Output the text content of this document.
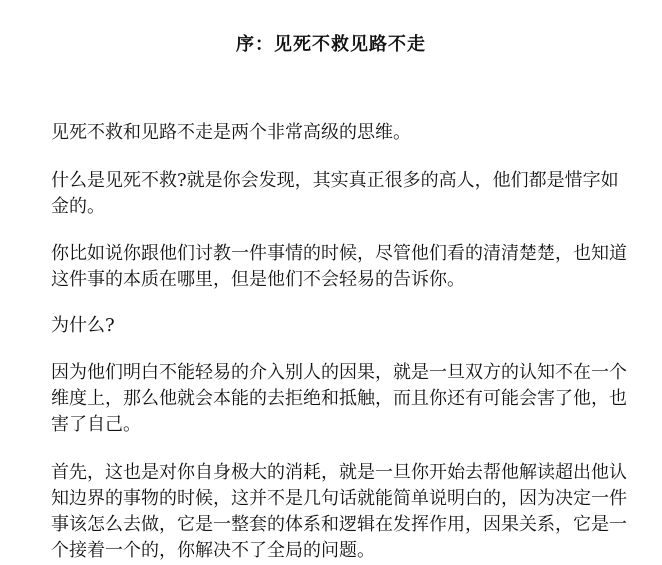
序：见死不救见路不走

见死不救和见路不走是两个非常高级的思维。

什么是见死不救?就是你会发现，其实真正很多的高人，他们都是惜字如金的。

你比如说你跟他们讨教一件事情的时候，尽管他们看的清清楚楚，也知道这件事的本质在哪里，但是他们不会轻易的告诉你。

为什么?

因为他们明白不能轻易的介入别人的因果，就是一旦双方的认知不在一个维度上，那么他就会本能的去拒绝和抵触，而且你还有可能会害了他，也害了自己。

首先，这也是对你自身极大的消耗，就是一旦你开始去帮他解读超出他认知边界的事物的时候，这并不是几句话就能简单说明白的，因为决定一件事该怎么去做，它是一整套的体系和逻辑在发挥作用，因果关系，它是一个接着一个的，你解决不了全局的问题。
